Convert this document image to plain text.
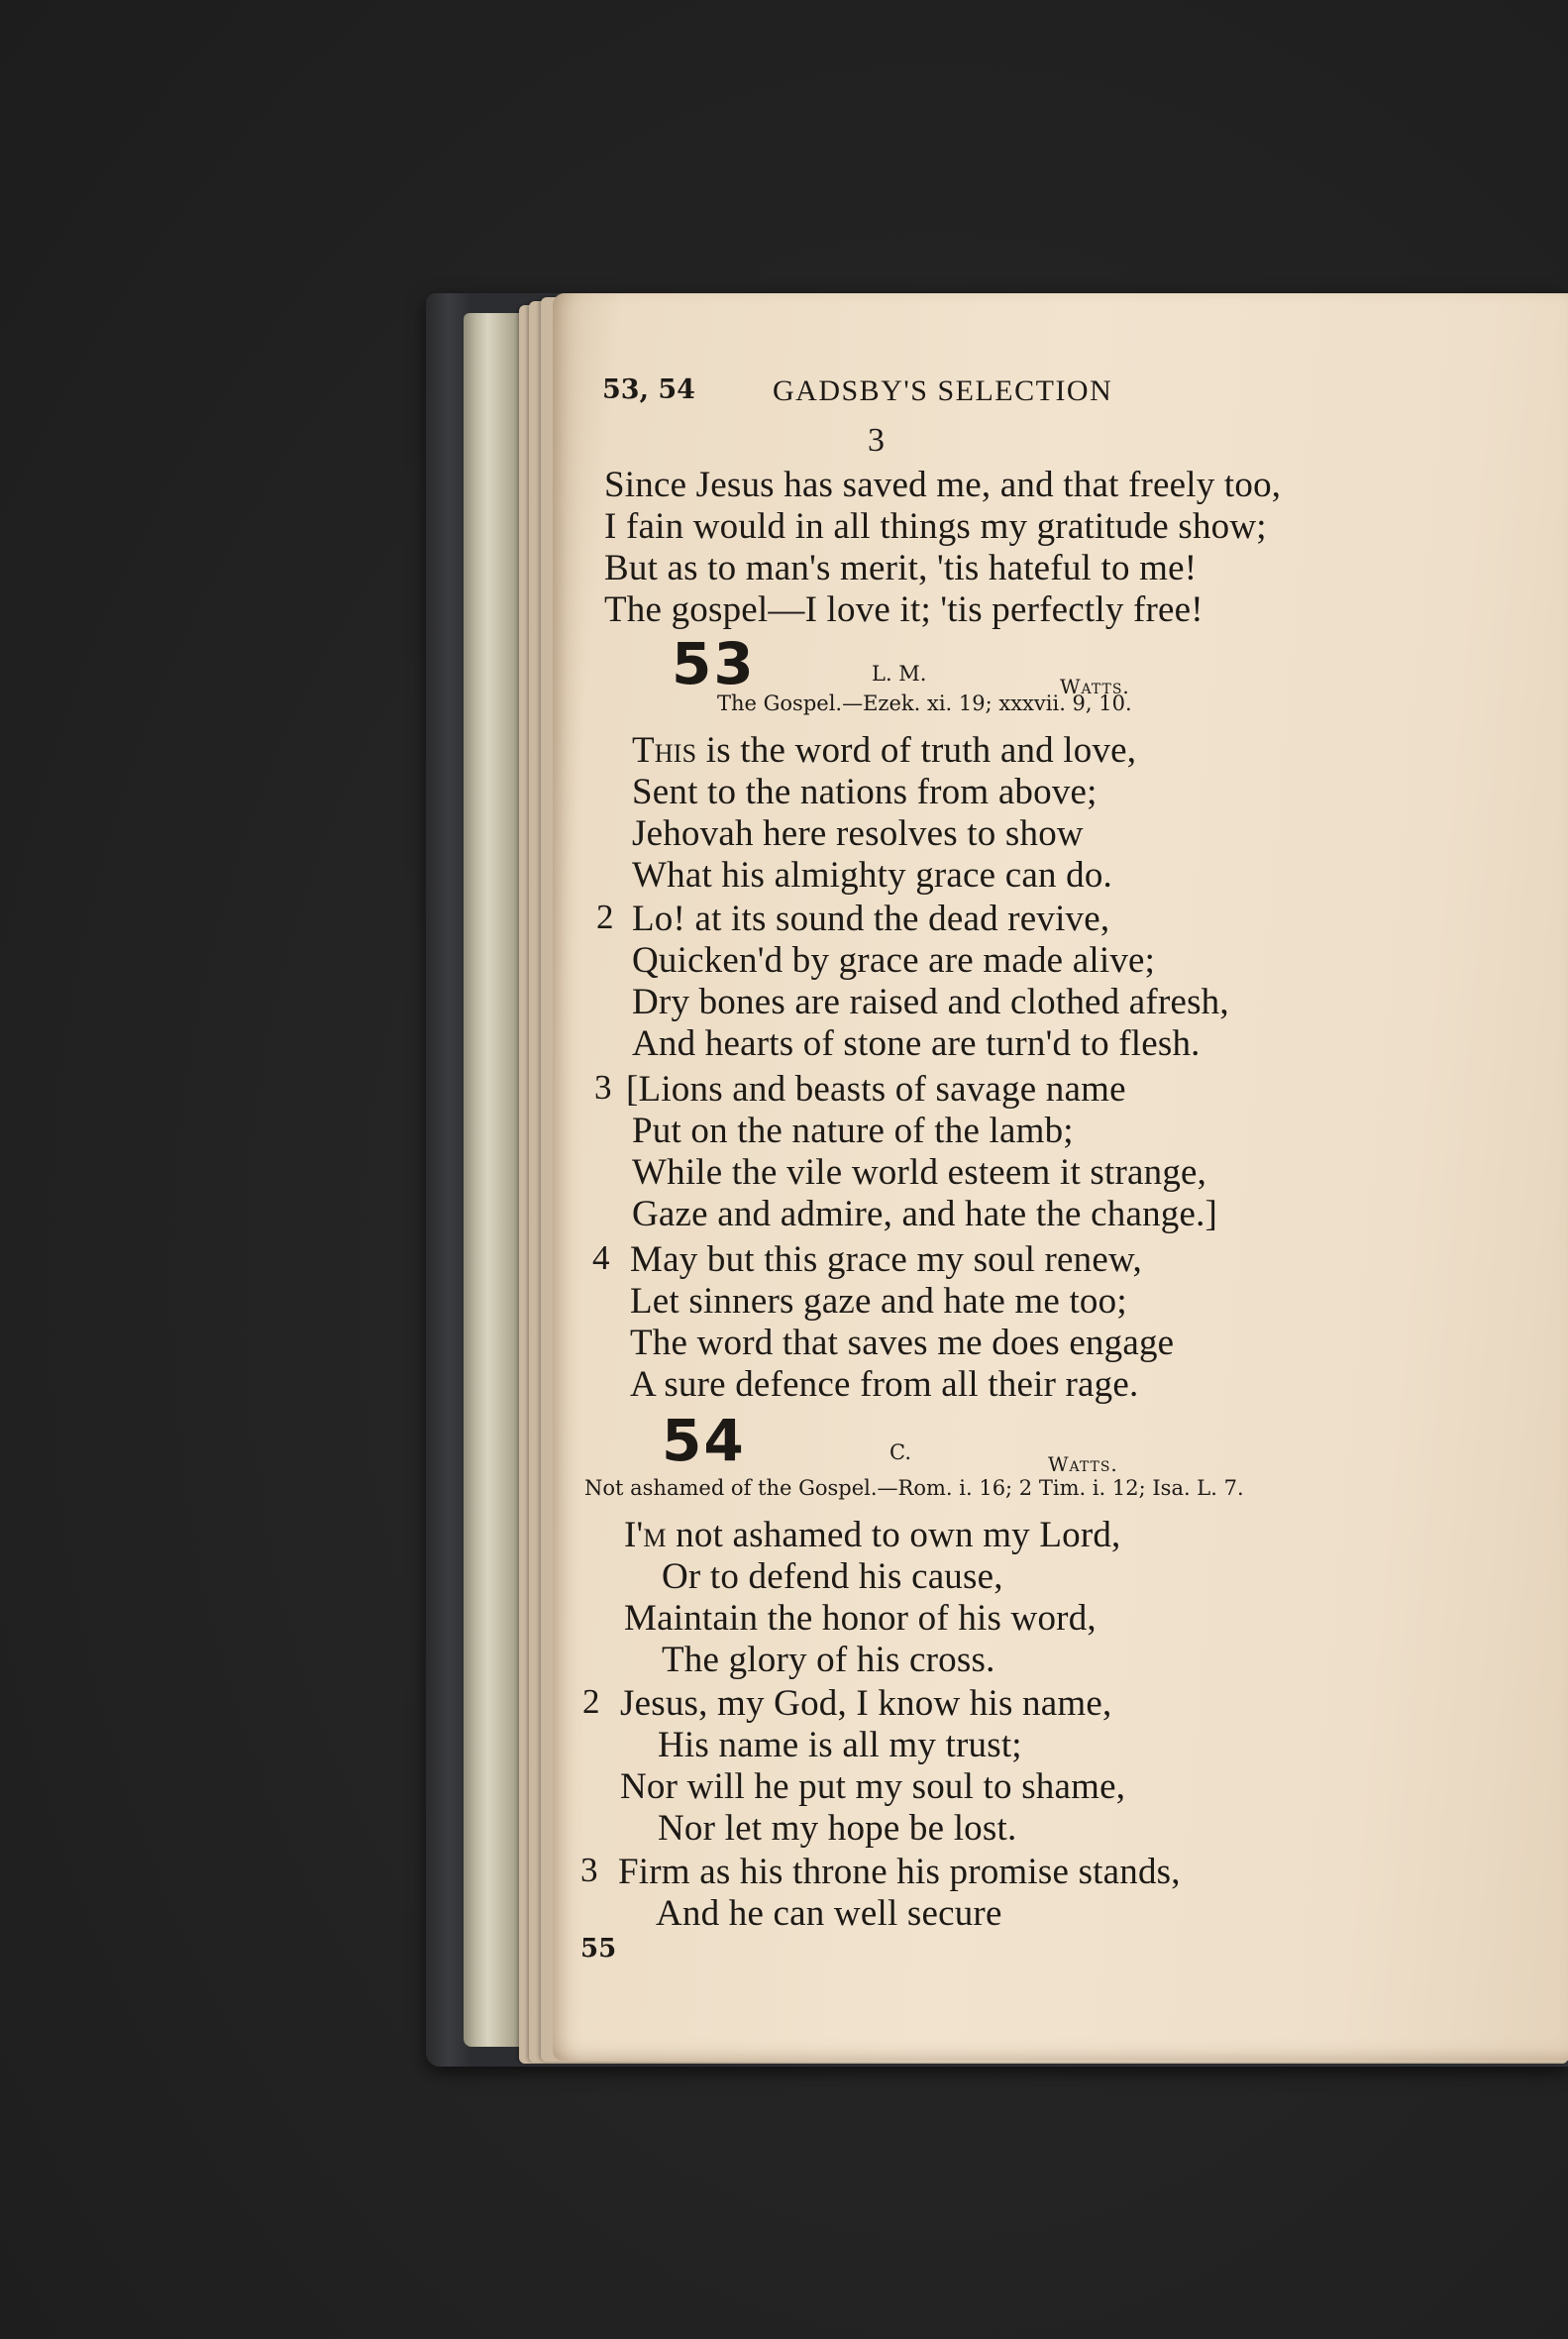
53, 54	GADSBY'S SELECTION
3
Since Jesus has saved me, and that freely too,
I fain would in all things my gratitude show;
But as to man's merit, 'tis hateful to me!
The gospel—I love it; 'tis perfectly free!
53	L. M.
Watts.
The Gospel.—Ezek. xi. 19; xxxvii. 9, 10.
This is the word of truth and love,
Sent to the nations from above;
Jehovah here resolves to show
What his almighty grace can do.
2 Lo! at its sound the dead revive,
Quicken'd by grace are made alive;
Dry bones are raised and clothed afresh,
And hearts of stone are turn'd to flesh.
3 [Lions and beasts of savage name
Put on the nature of the lamb;
While the vile world esteem it strange,
Gaze and admire, and hate the change.]
4 May but this grace my soul renew,
Let sinners gaze and hate me too;
The word that saves me does engage
A sure defence from all their rage.
54	C.	Watts.
Not ashamed of the Gospel.—Rom. i. 16; 2 Tim. i. 12; Isa. L. 7.
I'm not ashamed to own my Lord,
Or to defend his cause,
Maintain the honor of his word,
The glory of his cross.
2 Jesus, my God, I know his name,
His name is all my trust;
Nor will he put my soul to shame,
Nor let my hope be lost.
3 Firm as his throne his promise stands,
And he can well secure
55
